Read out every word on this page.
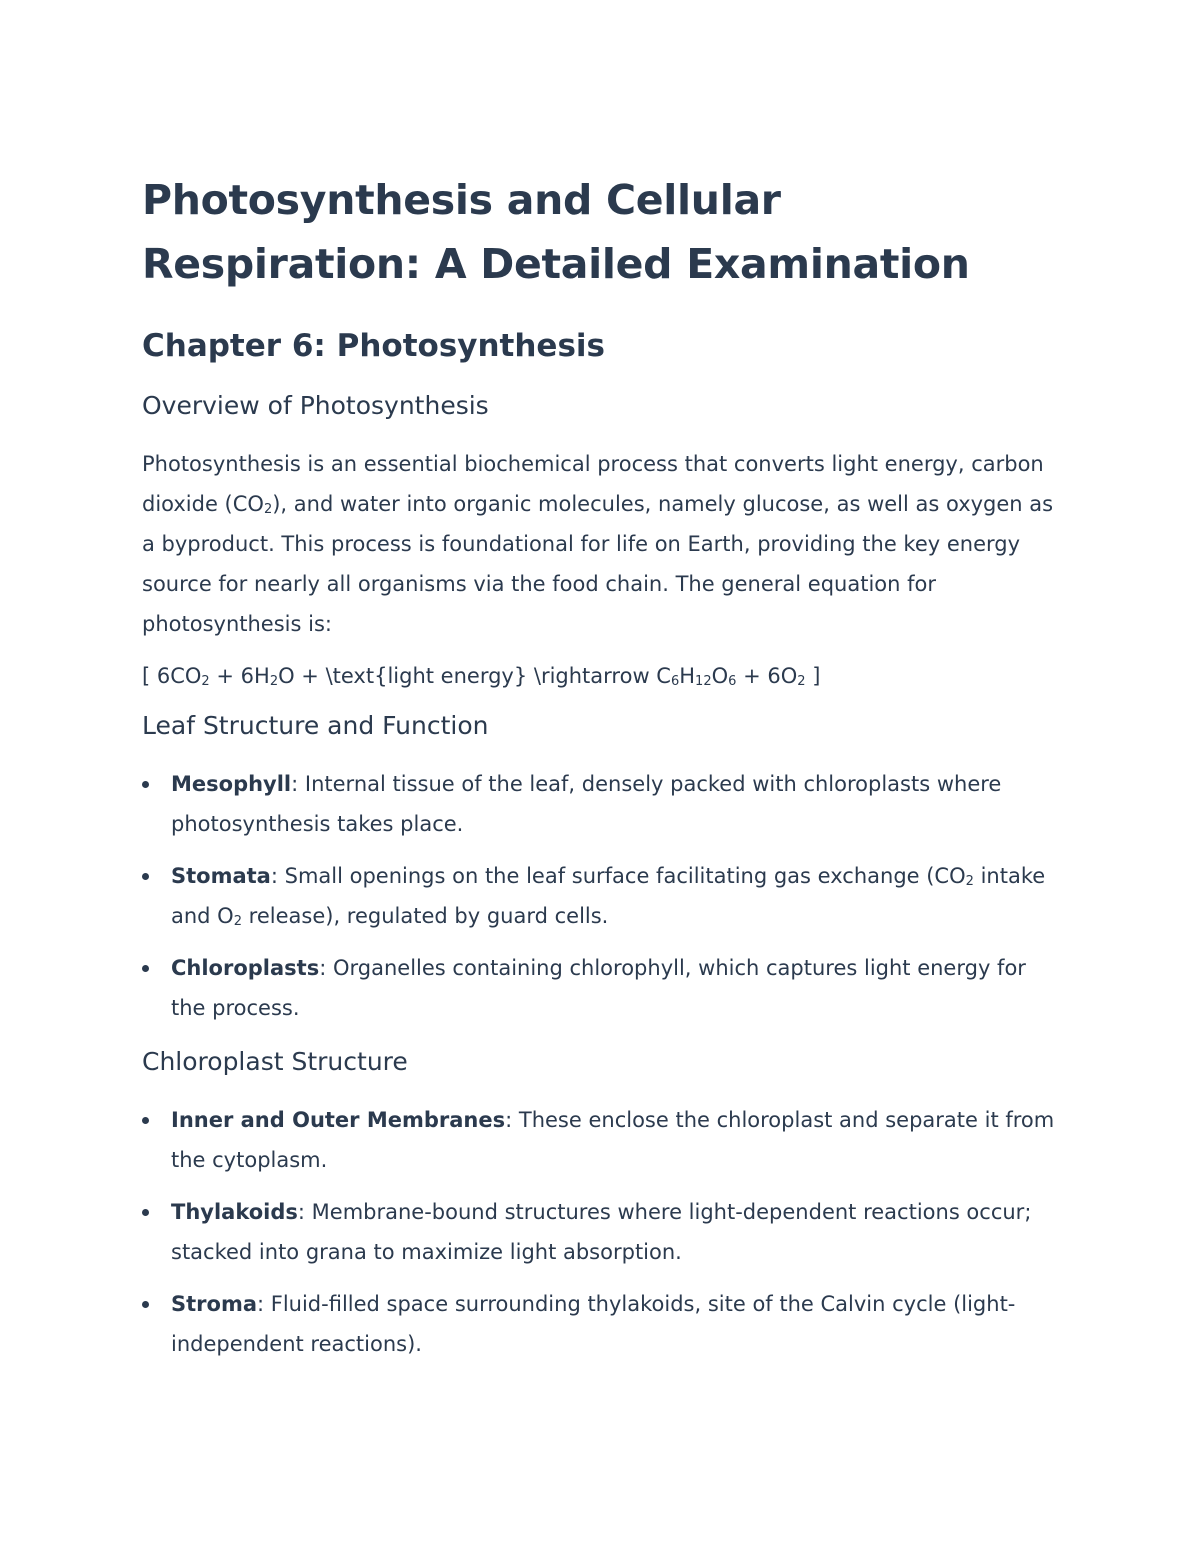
Photosynthesis and Cellular Respiration: A Detailed Examination
Chapter 6: Photosynthesis
Overview of Photosynthesis

Photosynthesis is an essential biochemical process that converts light energy, carbon dioxide $(CO_2)$, and water into organic molecules, namely glucose, as well as oxygen as a byproduct. This process is foundational for life on Earth, providing the key energy source for nearly all organisms via the food chain. The general equation for photosynthesis is:

[ $6CO_2 + 6H_2O$ + \text{light energy} \rightarrow $C_6H_{12}O_6 + 6O_2$ ]

Leaf Structure and Function
Mesophyll: Internal tissue of the leaf, densely packed with chloroplasts where photosynthesis takes place.
Stomata: Small openings on the leaf surface facilitating gas exchange ($CO_2$ intake and $O_2$ release), regulated by guard cells.
Chloroplasts: Organelles containing chlorophyll, which captures light energy for the process.
Chloroplast Structure
Inner and Outer Membranes: These enclose the chloroplast and separate it from the cytoplasm.
Thylakoids: Membrane-bound structures where light-dependent reactions occur; stacked into grana to maximize light absorption.
Stroma: Fluid-filled space surrounding thylakoids, site of the Calvin cycle (light-independent reactions).
